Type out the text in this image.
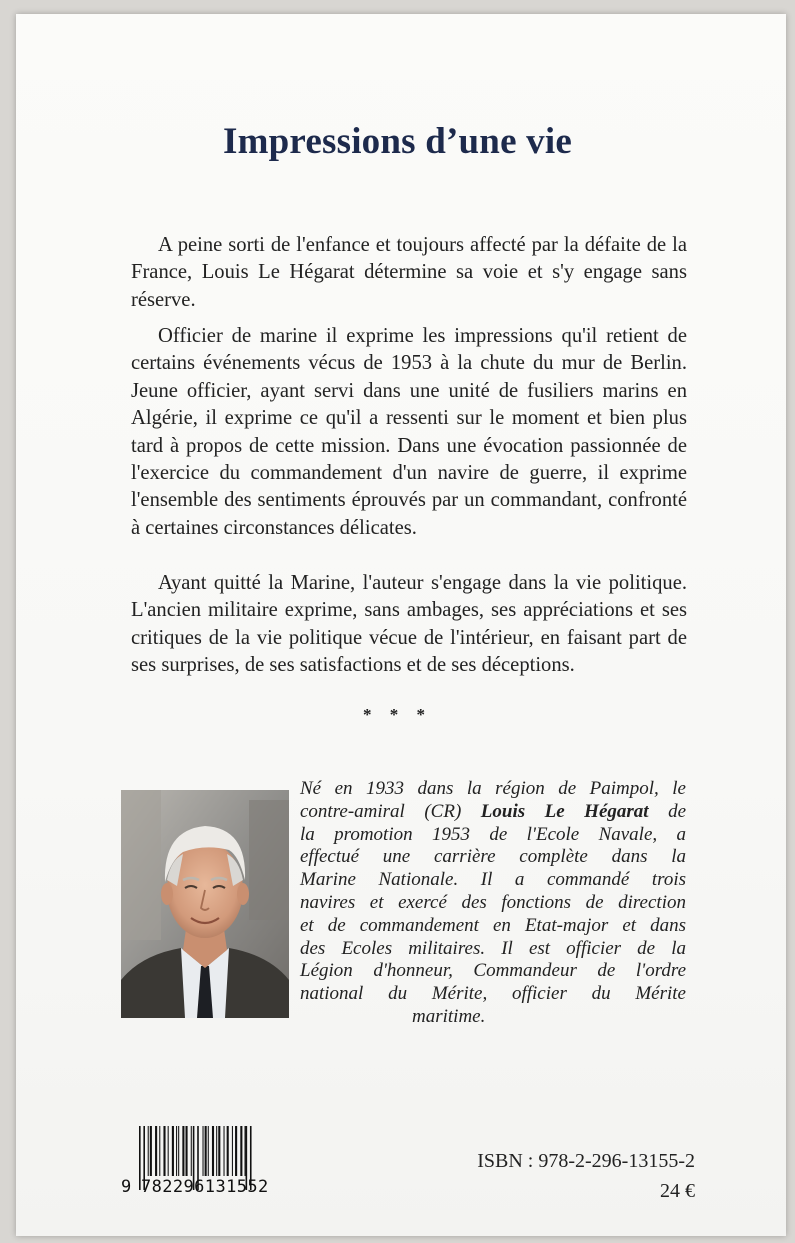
Impressions d’une vie

A peine sorti de l'enfance et toujours affecté par la défaite de la France, Louis Le Hégarat détermine sa voie et s'y engage sans réserve.

Officier de marine il exprime les impressions qu'il retient de certains événements vécus de 1953 à la chute du mur de Berlin. Jeune officier, ayant servi dans une unité de fusiliers marins en Algérie, il exprime ce qu'il a ressenti sur le moment et bien plus tard à propos de cette mission. Dans une évocation passionnée de l'exercice du commandement d'un navire de guerre, il exprime l'ensemble des sentiments éprouvés par un commandant, confronté à certaines circonstances délicates.

Ayant quitté la Marine, l'auteur s'engage dans la vie politique. L'ancien militaire exprime, sans ambages, ses appréciations et ses critiques de la vie politique vécue de l'intérieur, en faisant part de ses surprises, de ses satisfactions et de ses déceptions.

* * *
Né en 1933 dans la région de Paimpol, le
contre-amiral (CR) Louis Le Hégarat de
la promotion 1953 de l'Ecole Navale, a
effectué une carrière complète dans la
Marine Nationale. Il a commandé trois
navires et exercé des fonctions de direction
et de commandement en Etat-major et dans
des Ecoles militaires. Il est officier de la
Légion d'honneur, Commandeur de l'ordre
national du Mérite, officier du Mérite
maritime.
9 782296131552
ISBN : 978-2-296-13155-2
24 €
